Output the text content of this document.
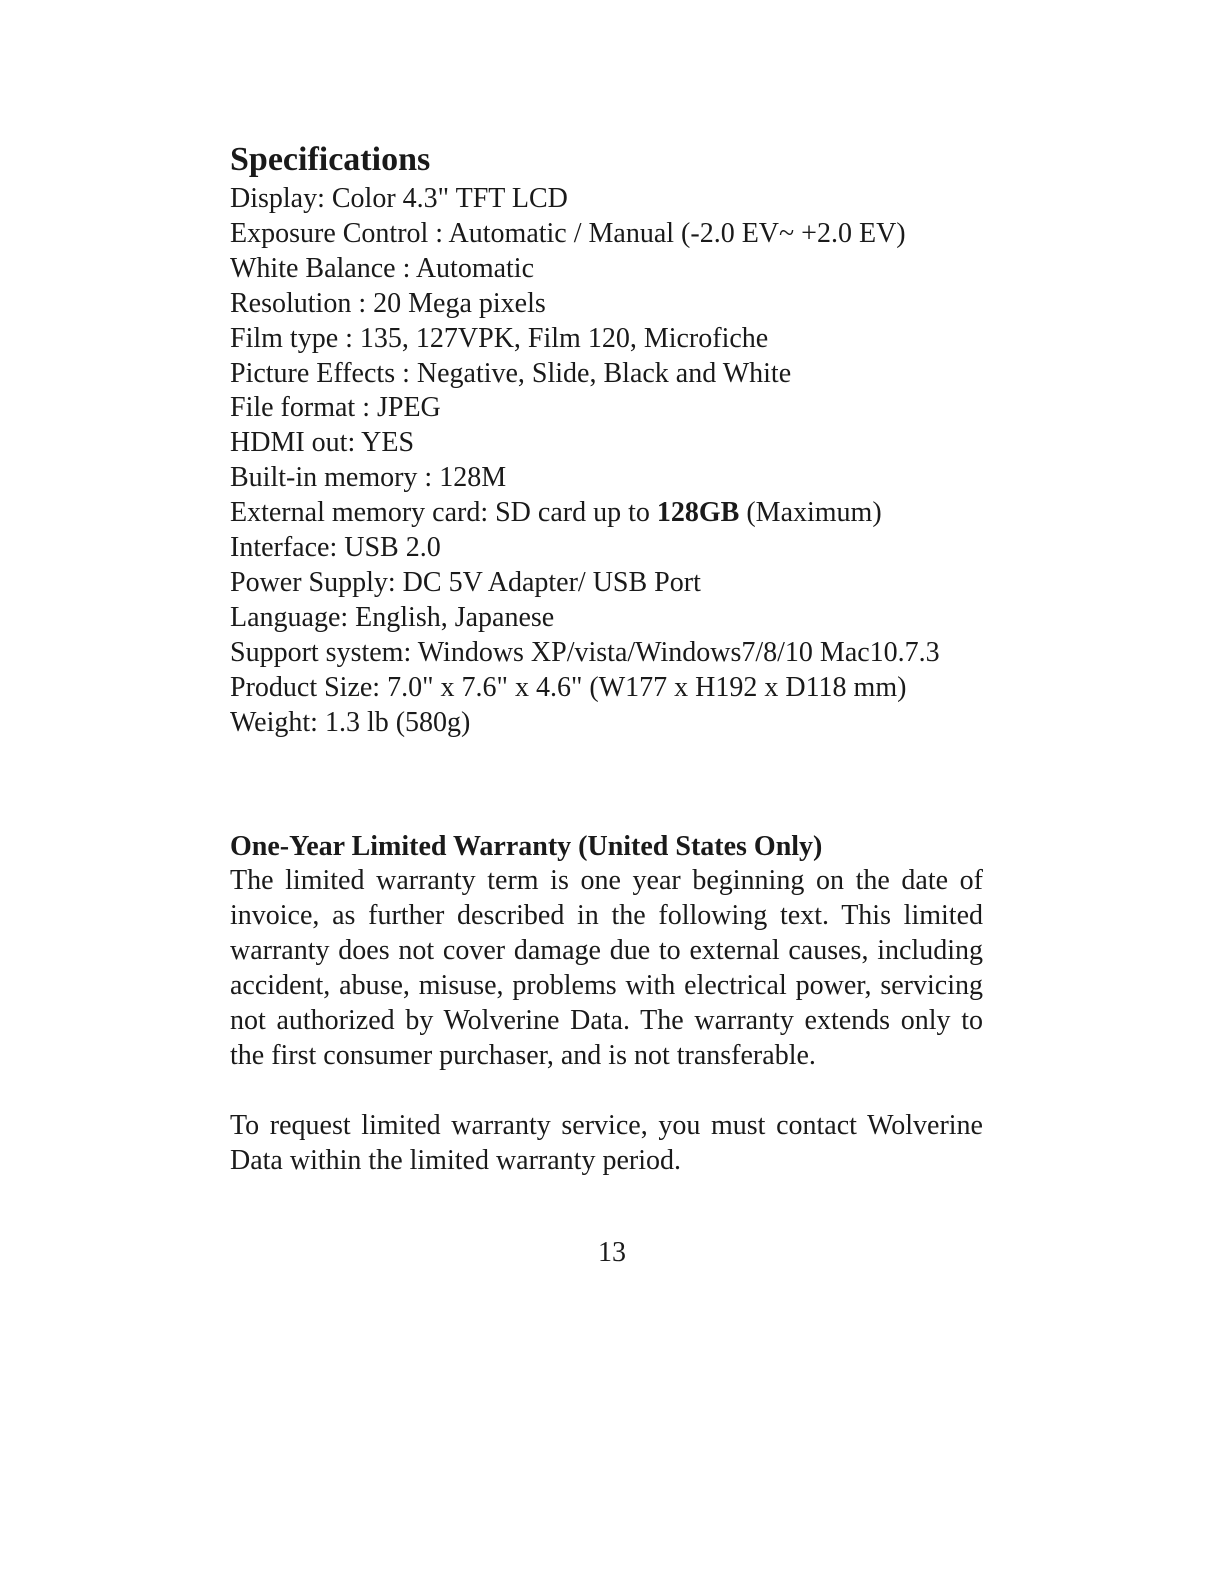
Specifications
Display: Color 4.3" TFT LCD
Exposure Control : Automatic / Manual (-2.0 EV~ +2.0 EV)
White Balance : Automatic
Resolution : 20 Mega pixels
Film type : 135, 127VPK, Film 120, Microfiche
Picture Effects : Negative, Slide, Black and White
File format : JPEG
HDMI out: YES
Built-in memory : 128M
External memory card: SD card up to 128GB (Maximum)
Interface: USB 2.0
Power Supply: DC 5V Adapter/ USB Port
Language: English, Japanese
Support system: Windows XP/vista/Windows7/8/10 Mac10.7.3
Product Size: 7.0" x 7.6" x 4.6" (W177 x H192 x D118 mm)
Weight: 1.3 lb (580g)
One-Year Limited Warranty (United States Only)

The limited warranty term is one year beginning on the date of invoice, as further described in the following text. This limited warranty does not cover damage due to external causes, including accident, abuse, misuse, problems with electrical power, servicing not authorized by Wolverine Data. The warranty extends only to the first consumer purchaser, and is not transferable.

To request limited warranty service, you must contact Wolverine Data within the limited warranty period.

13
